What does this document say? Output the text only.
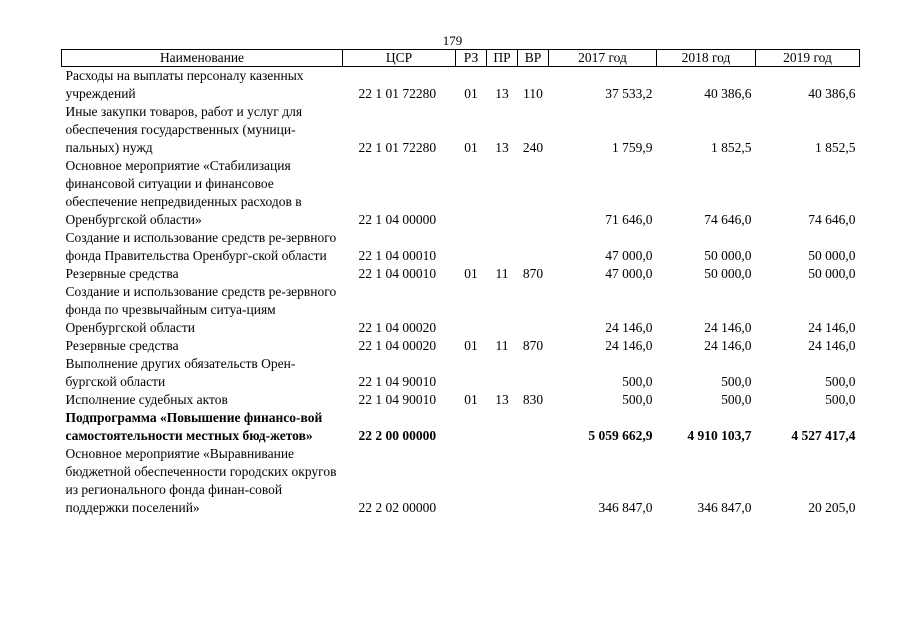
179
Наименование	ЦСР	РЗ	ПР	ВР	2017 год	2018 год	2019 год
Расходы на выплаты персоналу казенных учреждений	22 1 01 72280	01	13	110	37 533,2	40 386,6	40 386,6
Иные закупки товаров, работ и услуг для обеспечения государственных (муници-пальных) нужд	22 1 01 72280	01	13	240	1 759,9	1 852,5	1 852,5
Основное мероприятие «Стабилизация финансовой ситуации и финансовое обеспечение непредвиденных расходов в Оренбургской области»	22 1 04 00000				71 646,0	74 646,0	74 646,0
Создание и использование средств ре-зервного фонда Правительства Оренбург-ской области	22 1 04 00010				47 000,0	50 000,0	50 000,0
Резервные средства	22 1 04 00010	01	11	870	47 000,0	50 000,0	50 000,0
Создание и использование средств ре-зервного фонда по чрезвычайным ситуа-циям Оренбургской области	22 1 04 00020				24 146,0	24 146,0	24 146,0
Резервные средства	22 1 04 00020	01	11	870	24 146,0	24 146,0	24 146,0
Выполнение других обязательств Орен-бургской области	22 1 04 90010				500,0	500,0	500,0
Исполнение судебных актов	22 1 04 90010	01	13	830	500,0	500,0	500,0
Подпрограмма «Повышение финансо-вой самостоятельности местных бюд-жетов»	22 2 00 00000				5 059 662,9	4 910 103,7	4 527 417,4
Основное мероприятие «Выравнивание бюджетной обеспеченности городских округов из регионального фонда финан-совой поддержки поселений»	22 2 02 00000				346 847,0	346 847,0	20 205,0
